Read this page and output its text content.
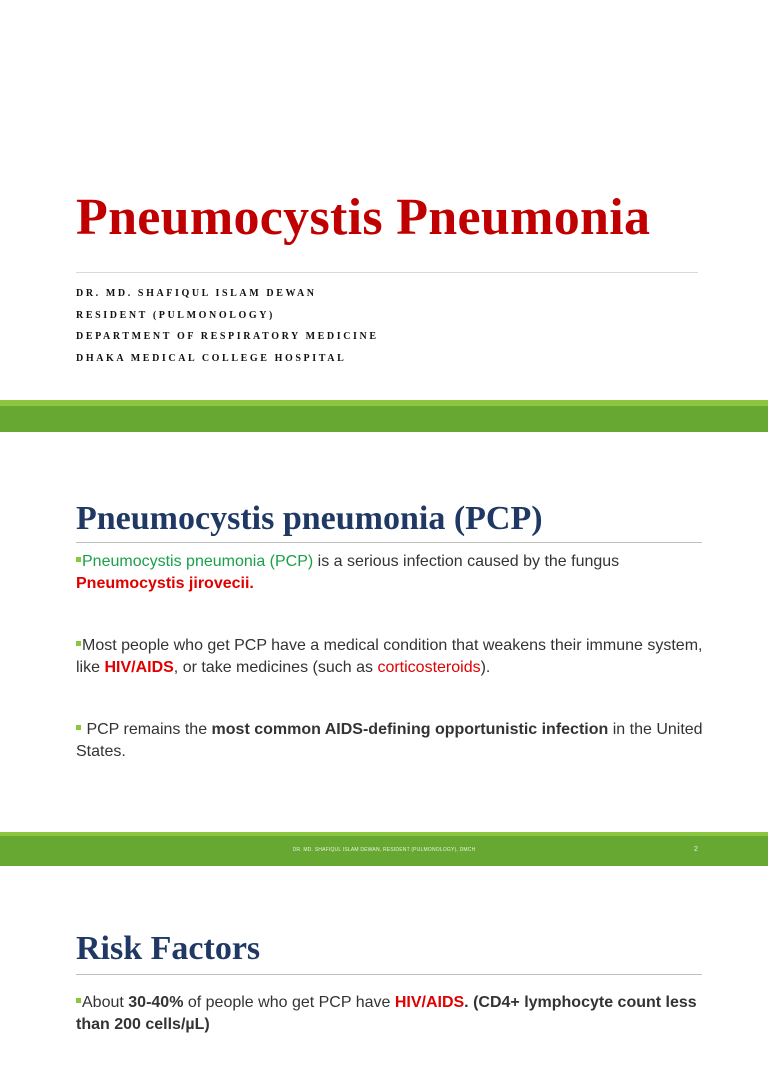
Pneumocystis Pneumonia
DR. MD. SHAFIQUL ISLAM DEWAN
RESIDENT (PULMONOLOGY)
DEPARTMENT OF RESPIRATORY MEDICINE
DHAKA MEDICAL COLLEGE HOSPITAL
Pneumocystis pneumonia (PCP)
Pneumocystis pneumonia (PCP) is a serious infection caused by the fungus
Pneumocystis jirovecii.
Most people who get PCP have a medical condition that weakens their immune system, like HIV/AIDS, or take medicines (such as corticosteroids).
PCP remains the most common AIDS-defining opportunistic infection in the United States.
DR. MD. SHAFIQUL ISLAM DEWAN, RESIDENT (PULMONOLOGY), DMCH	2
Risk Factors
About 30-40% of people who get PCP have HIV/AIDS. (CD4+ lymphocyte count less than 200 cells/µL)
